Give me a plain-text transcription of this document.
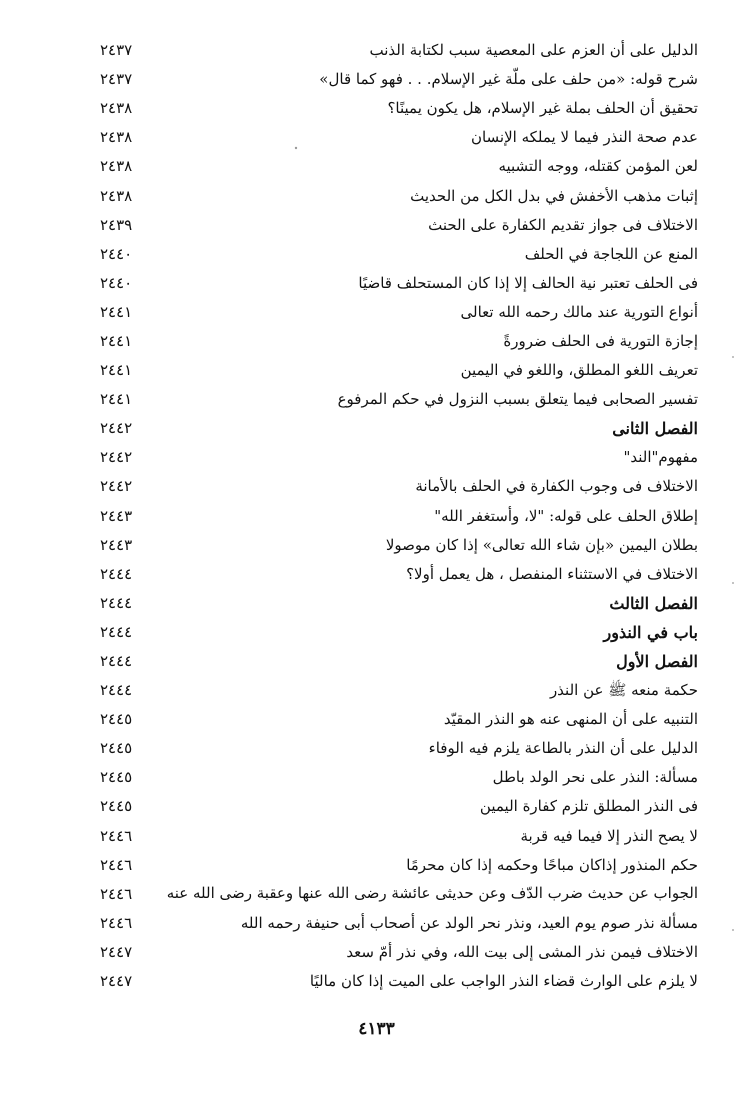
الدليل على أن العزم على المعصية سبب لكتابة الذنب
٢٤٣٧
شرح قوله: «من حلف على ملّة غير الإسلام. . . فهو كما قال»
٢٤٣٧
تحقيق أن الحلف بملة غير الإسلام، هل يكون يمينًا؟
٢٤٣٨
عدم صحة النذر فيما لا يملكه الإنسان
٢٤٣٨
لعن المؤمن كقتله، ووجه التشبيه
٢٤٣٨
إثبات مذهب الأخفش في بدل الكل من الحديث
٢٤٣٨
الاختلاف فى جواز تقديم الكفارة على الحنث
٢٤٣٩
المنع عن اللجاجة في الحلف
٢٤٤٠
فى الحلف تعتبر نية الحالف إلا إذا كان المستحلف قاضيًا
٢٤٤٠
أنواع التورية عند مالك رحمه الله تعالى
٢٤٤١
إجازة التورية فى الحلف ضرورةً
٢٤٤١
تعريف اللغو المطلق، واللغو في اليمين
٢٤٤١
تفسير الصحابى فيما يتعلق بسبب النزول في حكم المرفوع
٢٤٤١
الفصل الثانى
٢٤٤٢
مفهوم"الند"
٢٤٤٢
الاختلاف فى وجوب الكفارة في الحلف بالأمانة
٢٤٤٢
إطلاق الحلف على قوله: "لا، وأستغفر الله"
٢٤٤٣
بطلان اليمين «بإن شاء الله تعالى» إذا كان موصولا
٢٤٤٣
الاختلاف في الاستثناء المنفصل ، هل يعمل أولا؟
٢٤٤٤
الفصل الثالث
٢٤٤٤
باب في النذور
٢٤٤٤
الفصل الأول
٢٤٤٤
حكمة منعه ﷺ عن النذر
٢٤٤٤
التنبيه على أن المنهى عنه هو النذر المقيّد
٢٤٤٥
الدليل على أن النذر بالطاعة يلزم فيه الوفاء
٢٤٤٥
مسألة: النذر على نحر الولد باطل
٢٤٤٥
فى النذر المطلق تلزم كفارة اليمين
٢٤٤٥
لا يصح النذر إلا فيما فيه قربة
٢٤٤٦
حكم المنذور إذاكان مباحًا وحكمه إذا كان محرمًا
٢٤٤٦
الجواب عن حديث ضرب الدّف وعن حديثى عائشة رضى الله عنها وعقبة رضى الله عنه
٢٤٤٦
مسألة نذر صوم يوم العيد، ونذر نحر الولد عن أصحاب أبى حنيفة رحمه الله
٢٤٤٦
الاختلاف فيمن نذر المشى إلى بيت الله، وفي نذر أمّ سعد
٢٤٤٧
لا يلزم على الوارث قضاء النذر الواجب على الميت إذا كان ماليًا
٢٤٤٧
٤١٣٣
